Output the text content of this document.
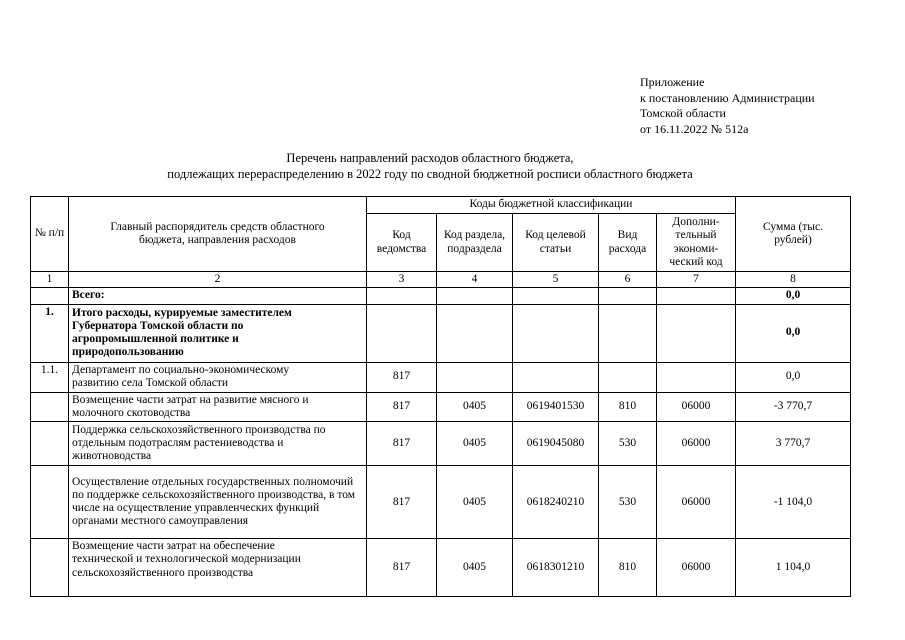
Приложение
к постановлению Администрации
Томской области
от 16.11.2022 № 512а
Перечень направлений расходов областного бюджета,
подлежащих перераспределению в 2022 году по сводной бюджетной росписи областного бюджета
№ п/п	Главный распорядитель средств областного бюджета, направления расходов	Коды бюджетной классификации					Сумма (тыс. рублей)
		Код ведомства	Код раздела, подраздела	Код целевой статьи	Вид расхода	Дополни-тельный экономи-ческий код	
1	2	3	4	5	6	7	8
	Всего:						0,0
1.	Итого расходы, курируемые заместителем Губернатора Томской области по агропромышленной политике и природопользованию						0,0
1.1.	Департамент по социально-экономическому развитию села Томской области	817					0,0
	Возмещение части затрат на развитие мясного и молочного скотоводства	817	0405	0619401530	810	06000	-3 770,7
	Поддержка сельскохозяйственного производства по отдельным подотраслям растениеводства и животноводства	817	0405	0619045080	530	06000	3 770,7
	Осуществление отдельных государственных полномочий по поддержке сельскохозяйственного производства, в том числе на осуществление управленческих функций органами местного самоуправления	817	0405	0618240210	530	06000	-1 104,0
	Возмещение части затрат на обеспечение технической и технологической модернизации сельскохозяйственного производства	817	0405	0618301210	810	06000	1 104,0
